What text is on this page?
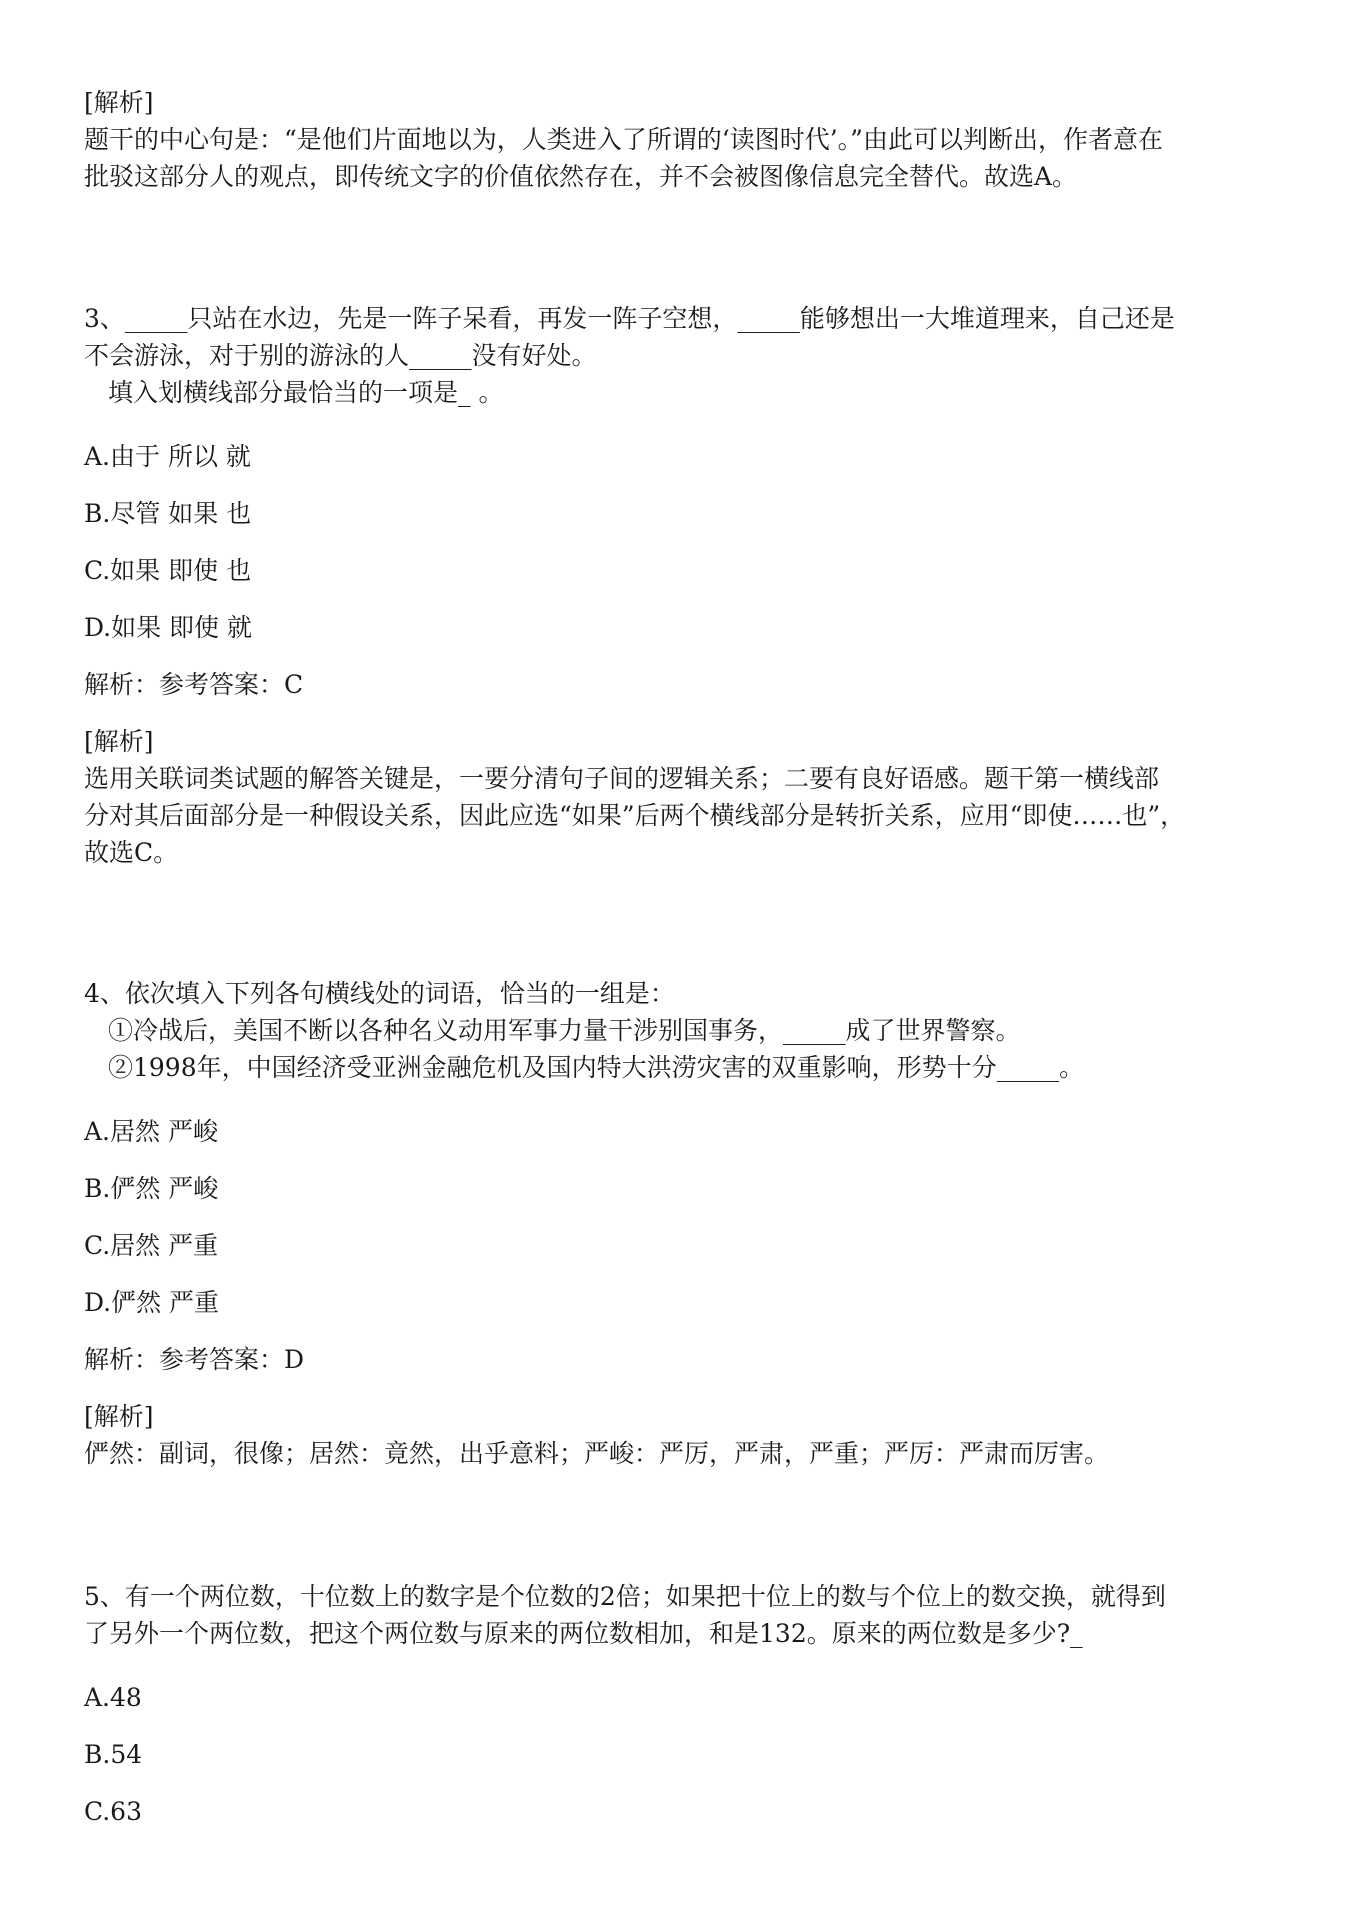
[解析]

题干的中心句是：“是他们片面地以为，人类进入了所谓的‘读图时代’。”由此可以判断出，作者意在

批驳这部分人的观点，即传统文字的价值依然存在，并不会被图像信息完全替代。故选A。

3、_____只站在水边，先是一阵子呆看，再发一阵子空想，_____能够想出一大堆道理来，自己还是

不会游泳，对于别的游泳的人_____没有好处。

填入划横线部分最恰当的一项是_ 。

A.由于 所以 就

B.尽管 如果 也

C.如果 即使 也

D.如果 即使 就

解析：参考答案：C

[解析]

选用关联词类试题的解答关键是，一要分清句子间的逻辑关系；二要有良好语感。题干第一横线部

分对其后面部分是一种假设关系，因此应选“如果”后两个横线部分是转折关系，应用“即使……也”，

故选C。

4、依次填入下列各句横线处的词语，恰当的一组是：

①冷战后，美国不断以各种名义动用军事力量干涉别国事务，_____成了世界警察。

②1998年，中国经济受亚洲金融危机及国内特大洪涝灾害的双重影响，形势十分_____。

A.居然 严峻

B.俨然 严峻

C.居然 严重

D.俨然 严重

解析：参考答案：D

[解析]

俨然：副词，很像；居然：竟然，出乎意料；严峻：严厉，严肃，严重；严厉：严肃而厉害。

5、有一个两位数，十位数上的数字是个位数的2倍；如果把十位上的数与个位上的数交换，就得到

了另外一个两位数，把这个两位数与原来的两位数相加，和是132。原来的两位数是多少?_

A.48

B.54

C.63
